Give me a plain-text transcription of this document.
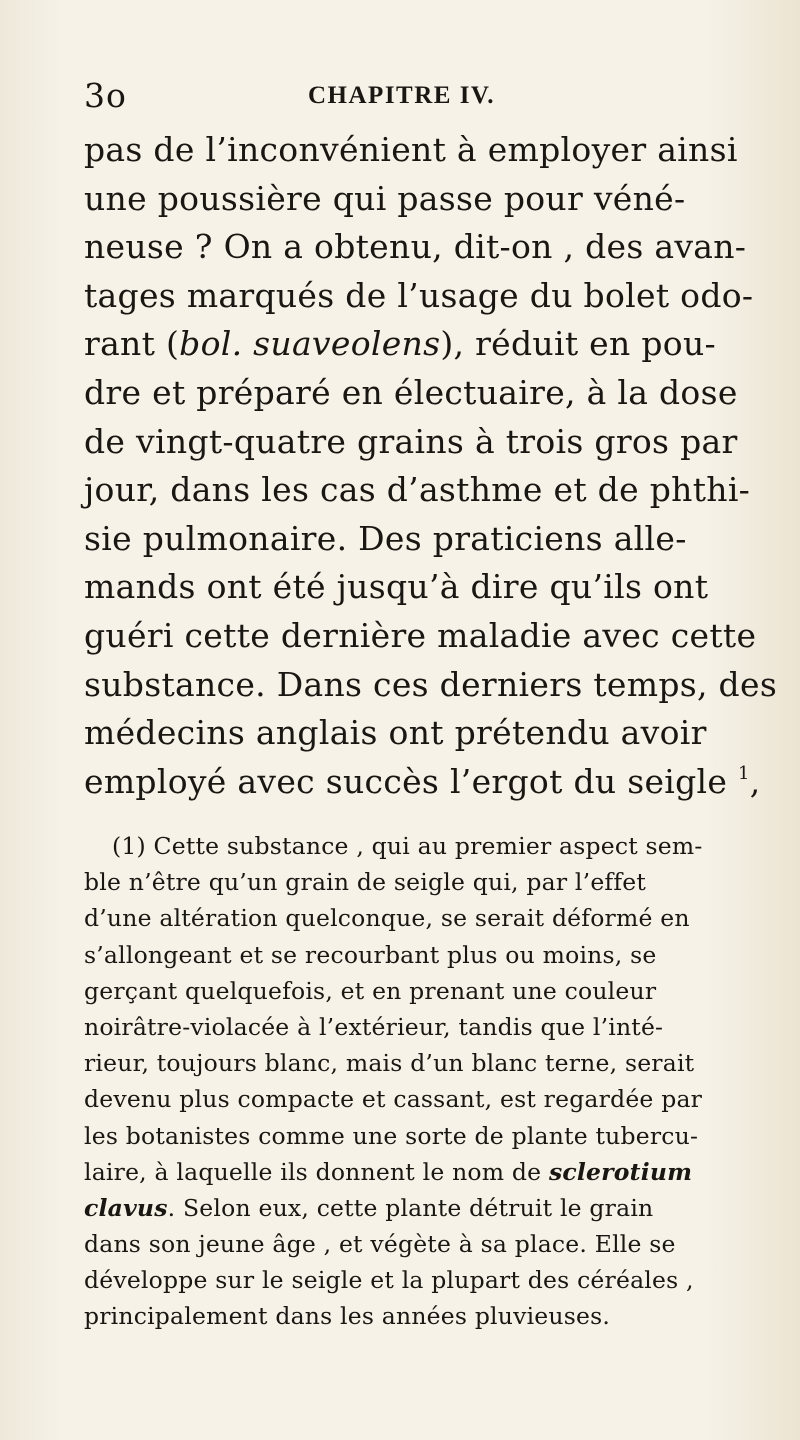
3o	CHAPITRE IV.
pas de l’inconvénient à employer ainsi
une poussière qui passe pour véné-
neuse ? On a obtenu, dit-on , des avan-
tages marqués de l’usage du bolet odo-
rant (bol. suaveolens), réduit en pou-
dre et préparé en électuaire, à la dose
de vingt-quatre grains à trois gros par
jour, dans les cas d’asthme et de phthi-
sie pulmonaire. Des praticiens alle-
mands ont été jusqu’à dire qu’ils ont
guéri cette dernière maladie avec cette
substance. Dans ces derniers temps, des
médecins anglais ont prétendu avoir
employé avec succès l’ergot du seigle $^1$,
(1) Cette substance , qui au premier aspect sem-
ble n’être qu’un grain de seigle qui, par l’effet
d’une altération quelconque, se serait déformé en
s’allongeant et se recourbant plus ou moins, se
gerçant quelquefois, et en prenant une couleur
noirâtre-violacée à l’extérieur, tandis que l’inté-
rieur, toujours blanc, mais d’un blanc terne, serait
devenu plus compacte et cassant, est regardée par
les botanistes comme une sorte de plante tubercu-
laire, à laquelle ils donnent le nom de sclerotium
clavus. Selon eux, cette plante détruit le grain
dans son jeune âge , et végète à sa place. Elle se
développe sur le seigle et la plupart des céréales ,
principalement dans les années pluvieuses.
